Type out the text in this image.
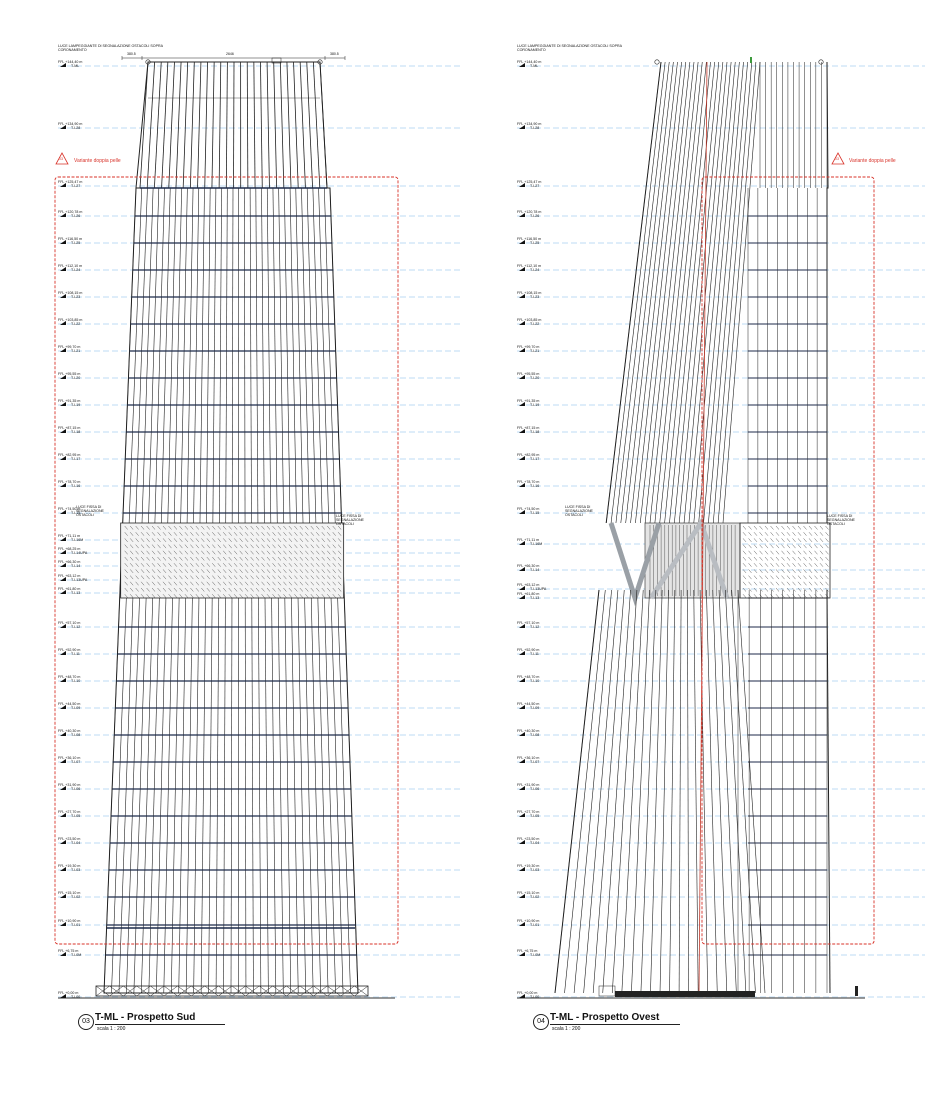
FFL +144,40 m
T-ML
FFL +134,90 m
T-L28
FFL +125,47 m
T-L27
FFL +120,78 m
T-L26
FFL +116,50 m
T-L25
FFL +112,10 m
T-L24
FFL +108,15 m
T-L23
FFL +103,85 m
T-L22
FFL +99,70 m
T-L21
FFL +95,55 m
T-L20
FFL +91,35 m
T-L19
FFL +87,15 m
T-L18
FFL +82,95 m
T-L17
FFL +78,70 m
T-L16
FFL +74,50 m
T-L15
FFL +71,11 m
T-L16M
FFL +68,25 m
T-L14UPA
FFL +66,30 m
T-L14
FFL +63,12 m
T-L13UPA
FFL +61,80 m
T-L13
FFL +57,10 m
T-L12
FFL +52,90 m
T-L11
FFL +48,70 m
T-L10
FFL +44,50 m
T-L09
FFL +40,30 m
T-L08
FFL +36,10 m
T-L07
FFL +31,90 m
T-L06
FFL +27,70 m
T-L05
FFL +23,50 m
T-L04
FFL +19,30 m
T-L03
FFL +15,10 m
T-L02
FFL +10,90 m
T-L01
FFL +6,75 m
T-L0M
FFL +0,00 m
T-L00
LUCE LAMPEGGIANTE DI SEGNALAZIONE OSTACOLI SOPRA CORONAMENTO
LUCE FISSA DI SEGNALAZIONE OSTACOLI	LUCE FISSA DI SEGNALAZIONE OSTACOLI
380.5	2646	380.5
03 Variante doppia pelle
03 T-ML - Prospetto Sud
scala 1 : 200
FFL +144,40 m
T-ML
FFL +134,90 m
T-L28
FFL +125,47 m
T-L27
FFL +120,78 m
T-L26
FFL +116,50 m
T-L25
FFL +112,10 m
T-L24
FFL +108,15 m
T-L23
FFL +103,85 m
T-L22
FFL +99,70 m
T-L21
FFL +95,55 m
T-L20
FFL +91,35 m
T-L19
FFL +87,15 m
T-L18
FFL +82,95 m
T-L17
FFL +78,70 m
T-L16
FFL +74,50 m
T-L15
FFL +71,11 m
T-L16M
FFL +66,30 m
T-L14
FFL +63,12 m
T-L13UPA
FFL +61,80 m
T-L13
FFL +57,10 m
T-L12
FFL +52,90 m
T-L11
FFL +48,70 m
T-L10
FFL +44,50 m
T-L09
FFL +40,30 m
T-L08
FFL +36,10 m
T-L07
FFL +31,90 m
T-L06
FFL +27,70 m
T-L05
FFL +23,50 m
T-L04
FFL +19,30 m
T-L03
FFL +15,10 m
T-L02
FFL +10,90 m
T-L01
FFL +6,75 m
T-L0M
FFL +0,00 m
T-L00
LUCE LAMPEGGIANTE DI SEGNALAZIONE OSTACOLI SOPRA CORONAMENTO
LUCE FISSA DI SEGNALAZIONE OSTACOLI	LUCE FISSA DI SEGNALAZIONE OSTACOLI
03 Variante doppia pelle
04 T-ML - Prospetto Ovest
scala 1 : 200
